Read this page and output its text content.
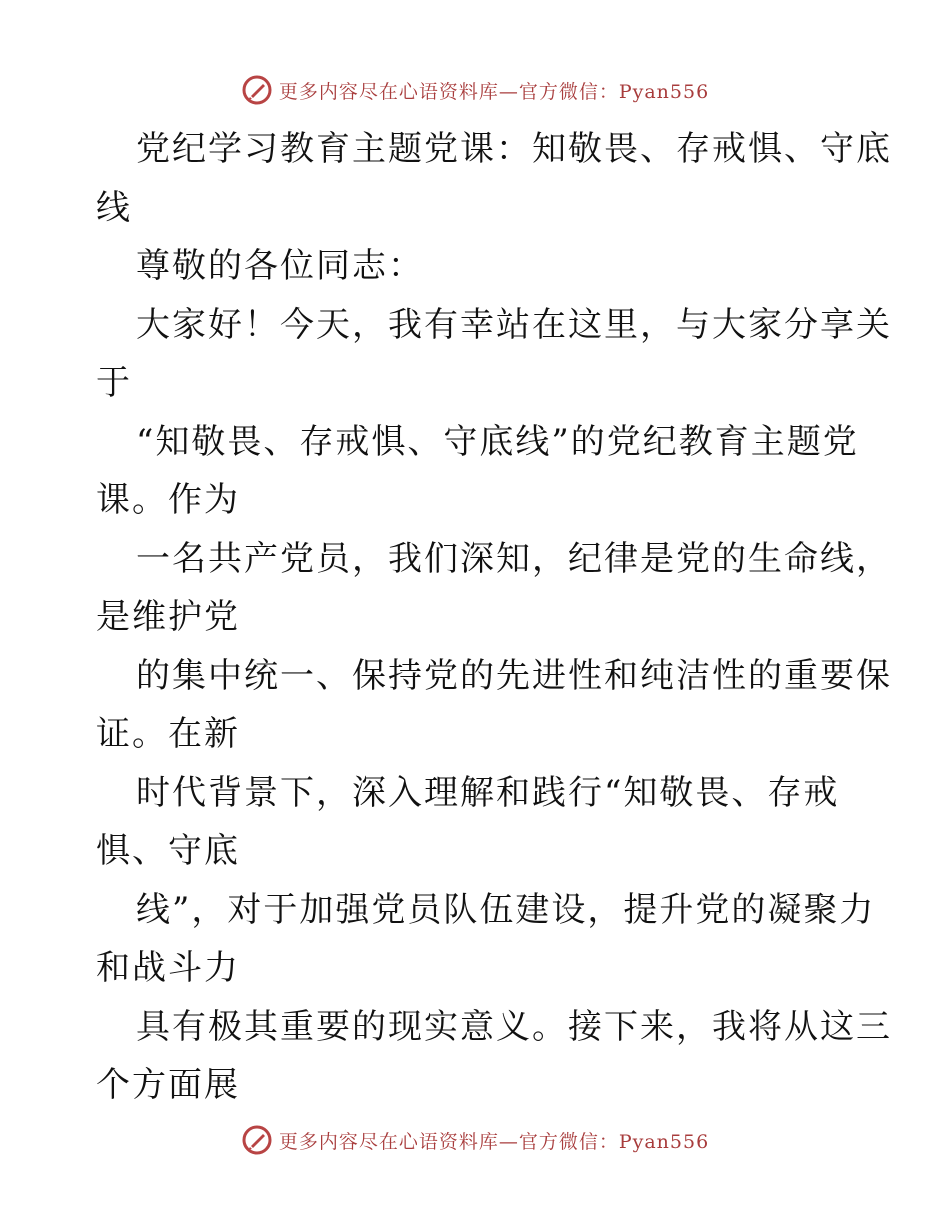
更多内容尽在心语资料库—官方微信：Pyan556
党纪学习教育主题党课：知敬畏、存戒惧、守底
线
尊敬的各位同志：
大家好！今天，我有幸站在这里，与大家分享关
于
“知敬畏、存戒惧、守底线”的党纪教育主题党
课。作为
一名共产党员，我们深知，纪律是党的生命线，
是维护党
的集中统一、保持党的先进性和纯洁性的重要保
证。在新
时代背景下，深入理解和践行“知敬畏、存戒
惧、守底
线”，对于加强党员队伍建设，提升党的凝聚力
和战斗力
具有极其重要的现实意义。接下来，我将从这三
个方面展
更多内容尽在心语资料库—官方微信：Pyan556
